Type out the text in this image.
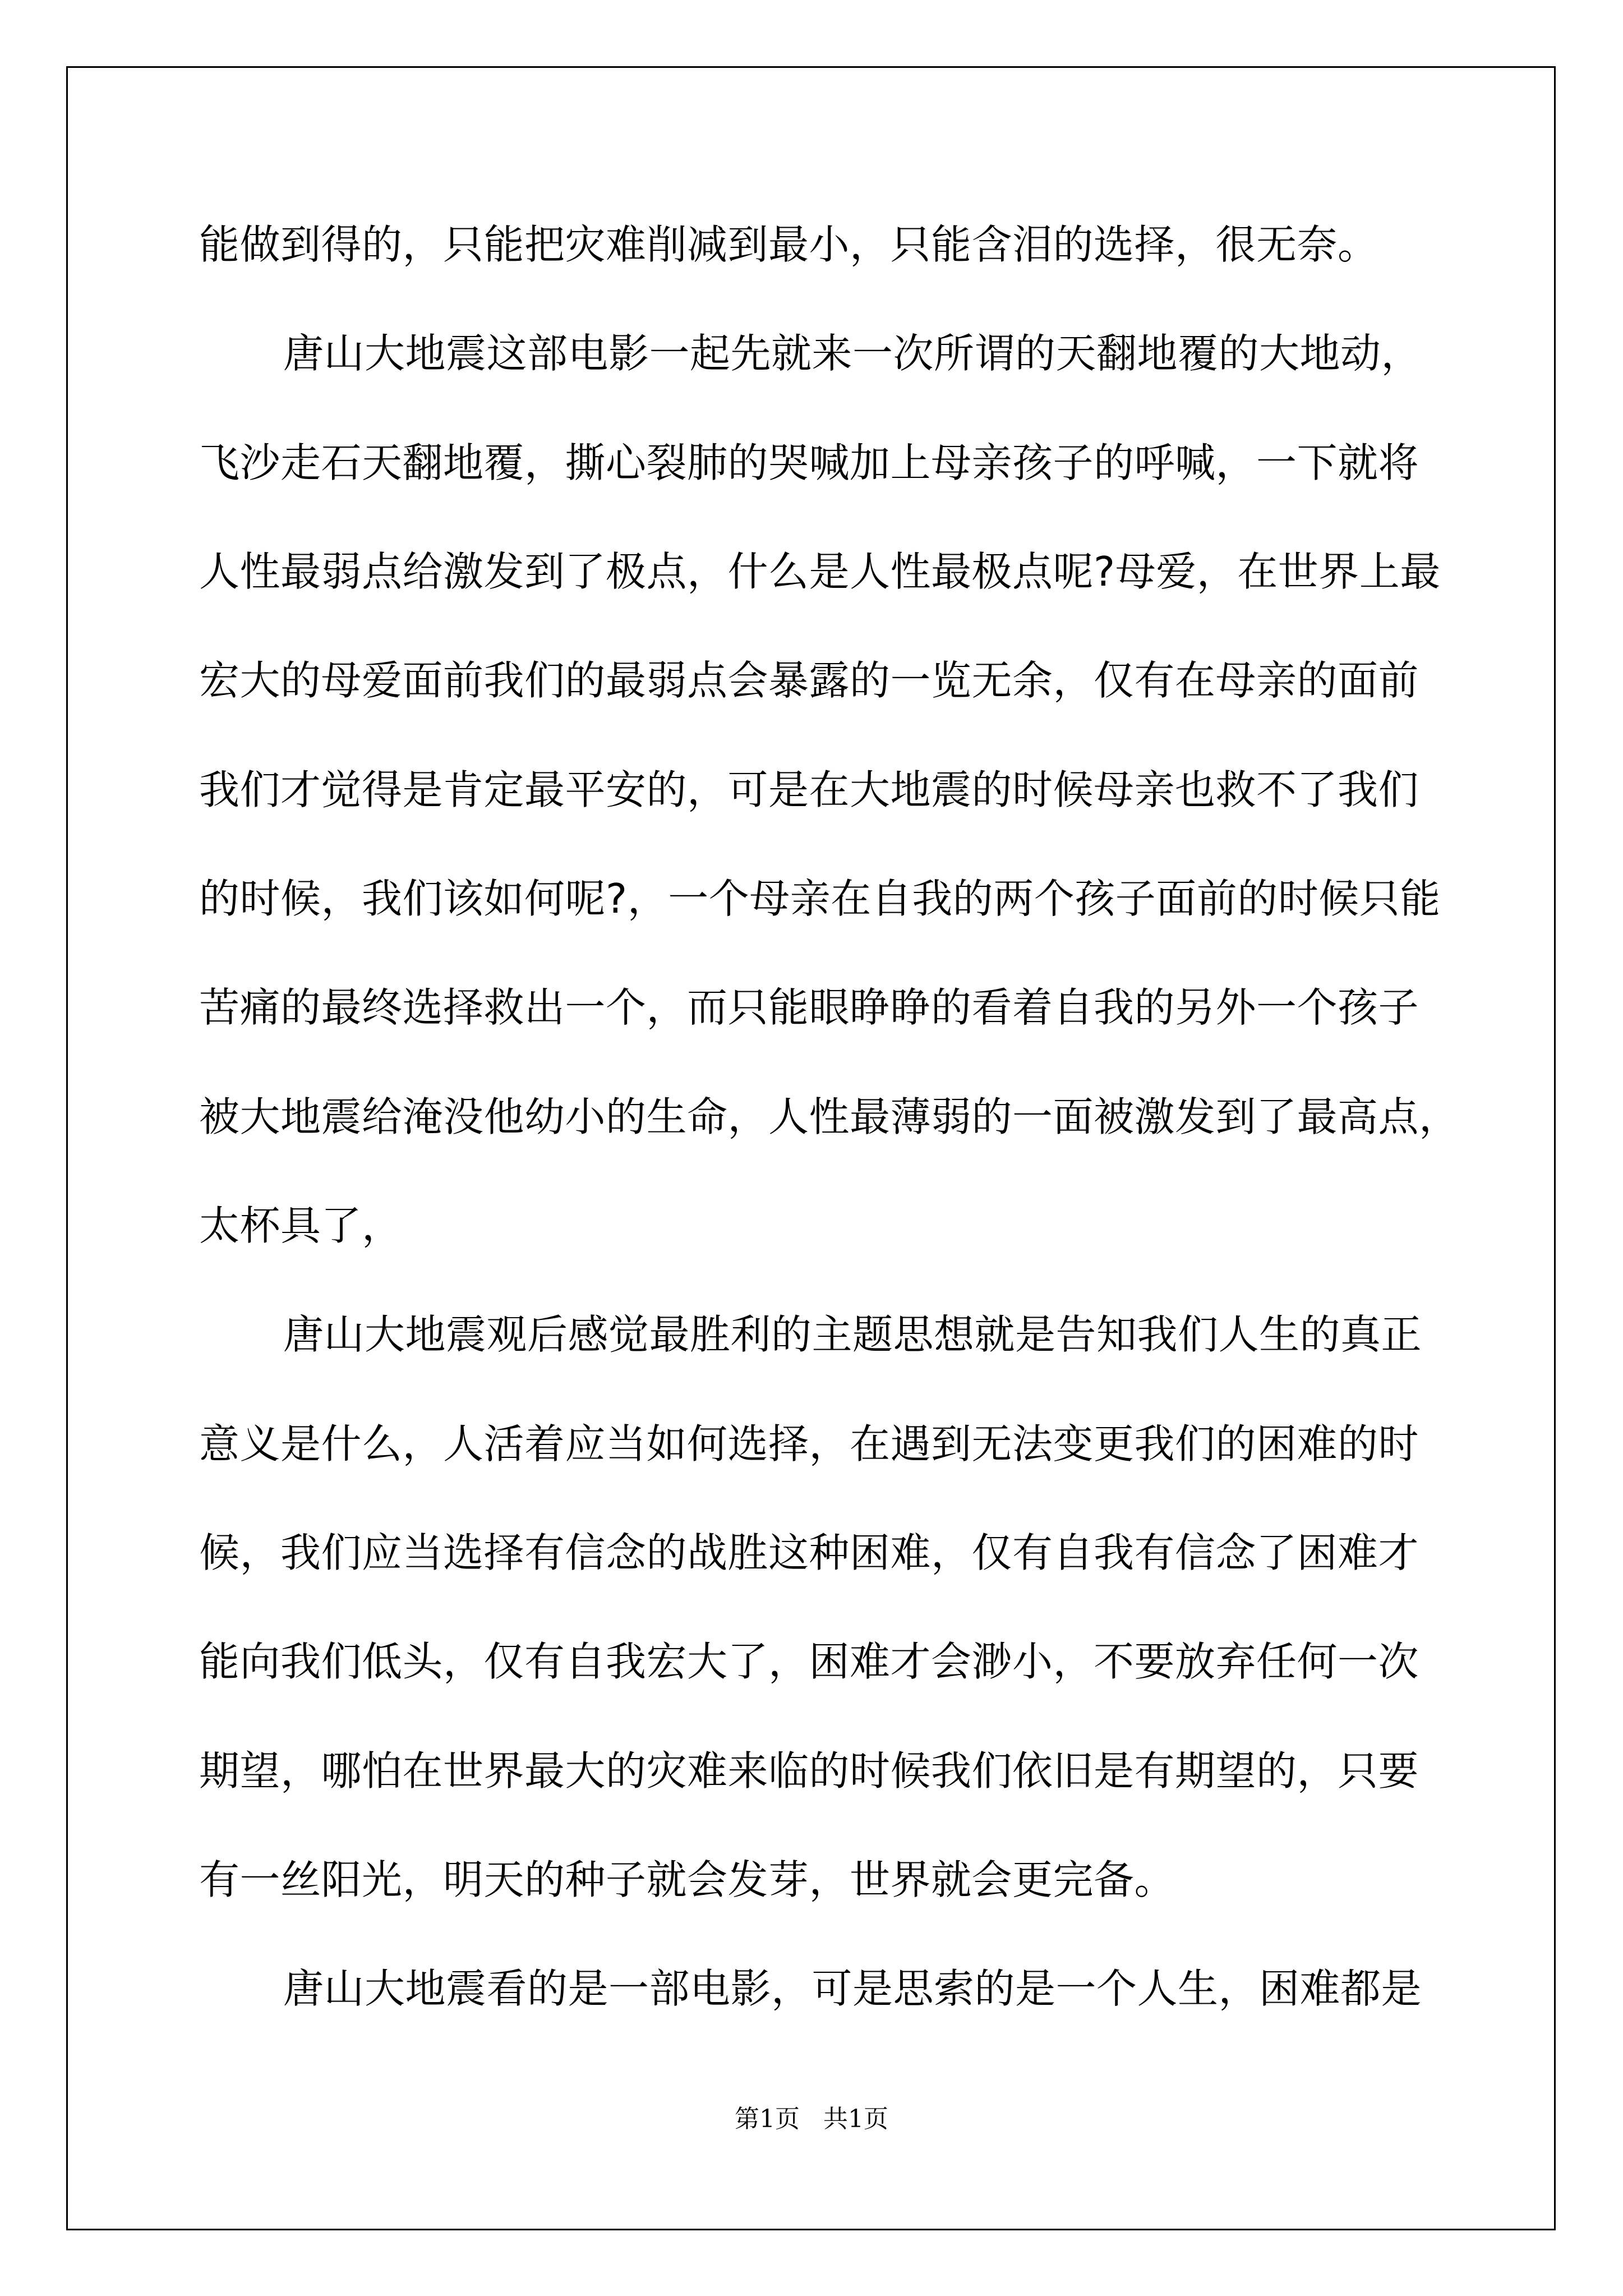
能做到得的，只能把灾难削减到最小，只能含泪的选择，很无奈。
唐山大地震这部电影一起先就来一次所谓的天翻地覆的大地动，
飞沙走石天翻地覆，撕心裂肺的哭喊加上母亲孩子的呼喊，一下就将
人性最弱点给激发到了极点，什么是人性最极点呢?母爱，在世界上最
宏大的母爱面前我们的最弱点会暴露的一览无余，仅有在母亲的面前
我们才觉得是肯定最平安的，可是在大地震的时候母亲也救不了我们
的时候，我们该如何呢?，一个母亲在自我的两个孩子面前的时候只能
苦痛的最终选择救出一个，而只能眼睁睁的看着自我的另外一个孩子
被大地震给淹没他幼小的生命，人性最薄弱的一面被激发到了最高点，
太杯具了，
唐山大地震观后感觉最胜利的主题思想就是告知我们人生的真正
意义是什么，人活着应当如何选择，在遇到无法变更我们的困难的时
候，我们应当选择有信念的战胜这种困难，仅有自我有信念了困难才
能向我们低头，仅有自我宏大了，困难才会渺小，不要放弃任何一次
期望，哪怕在世界最大的灾难来临的时候我们依旧是有期望的，只要
有一丝阳光，明天的种子就会发芽，世界就会更完备。
唐山大地震看的是一部电影，可是思索的是一个人生，困难都是
第1页   共1页
